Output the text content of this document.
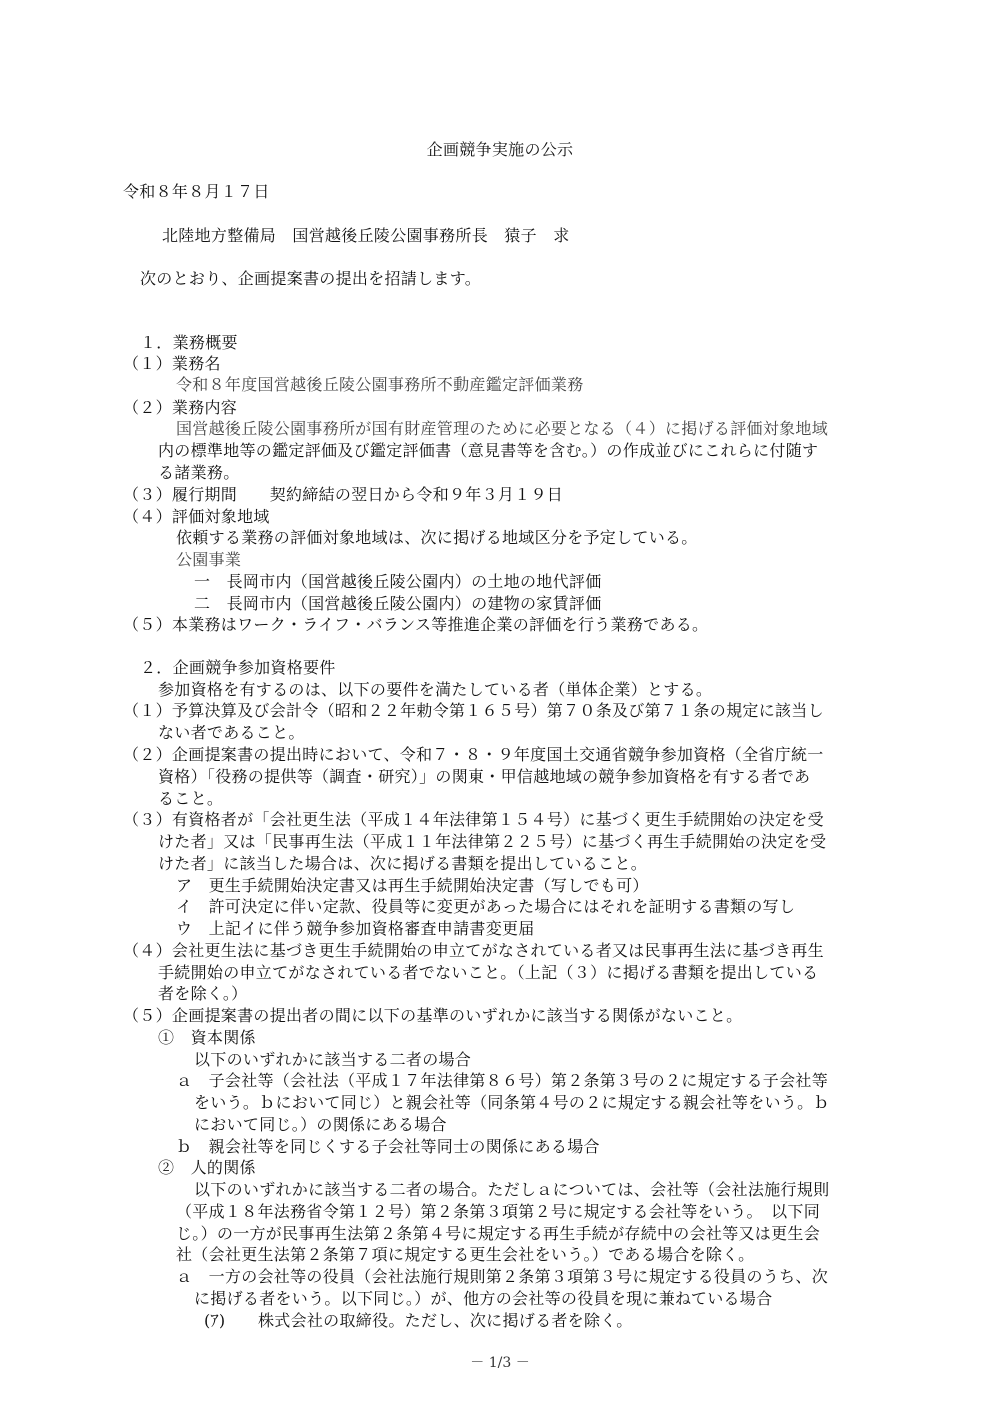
企画競争実施の公示
令和８年８月１７日
北陸地方整備局　国営越後丘陵公園事務所長　猿子　求
次のとおり、企画提案書の提出を招請します。
１．業務概要
（１）業務名
令和８年度国営越後丘陵公園事務所不動産鑑定評価業務
（２）業務内容
国営越後丘陵公園事務所が国有財産管理のために必要となる（４）に掲げる評価対象地域
内の標準地等の鑑定評価及び鑑定評価書（意見書等を含む。）の作成並びにこれらに付随す
る諸業務。
（３）履行期間　　契約締結の翌日から令和９年３月１９日
（４）評価対象地域
依頼する業務の評価対象地域は、次に掲げる地域区分を予定している。
公園事業
一　長岡市内（国営越後丘陵公園内）の土地の地代評価
二　長岡市内（国営越後丘陵公園内）の建物の家賃評価
（５）本業務はワーク・ライフ・バランス等推進企業の評価を行う業務である。
２．企画競争参加資格要件
参加資格を有するのは、以下の要件を満たしている者（単体企業）とする。
（１）予算決算及び会計令（昭和２２年勅令第１６５号）第７０条及び第７１条の規定に該当し
ない者であること。
（２）企画提案書の提出時において、令和７・８・９年度国土交通省競争参加資格（全省庁統一
資格）「役務の提供等（調査・研究）」の関東・甲信越地域の競争参加資格を有する者であ
ること。
（３）有資格者が「会社更生法（平成１４年法律第１５４号）に基づく更生手続開始の決定を受
けた者」又は「民事再生法（平成１１年法律第２２５号）に基づく再生手続開始の決定を受
けた者」に該当した場合は、次に掲げる書類を提出していること。
ア　更生手続開始決定書又は再生手続開始決定書（写しでも可）
イ　許可決定に伴い定款、役員等に変更があった場合にはそれを証明する書類の写し
ウ　上記イに伴う競争参加資格審査申請書変更届
（４）会社更生法に基づき更生手続開始の申立てがなされている者又は民事再生法に基づき再生
手続開始の申立てがなされている者でないこと。（上記（３）に掲げる書類を提出している
者を除く。）
（５）企画提案書の提出者の間に以下の基準のいずれかに該当する関係がないこと。
①　資本関係
以下のいずれかに該当する二者の場合
ａ　子会社等（会社法（平成１７年法律第８６号）第２条第３号の２に規定する子会社等
をいう。ｂにおいて同じ）と親会社等（同条第４号の２に規定する親会社等をいう。ｂ
において同じ。）の関係にある場合
ｂ　親会社等を同じくする子会社等同士の関係にある場合
②　人的関係
以下のいずれかに該当する二者の場合。ただしａについては、会社等（会社法施行規則
（平成１８年法務省令第１２号）第２条第３項第２号に規定する会社等をいう。　以下同
じ。）の一方が民事再生法第２条第４号に規定する再生手続が存続中の会社等又は更生会
社（会社更生法第２条第７項に規定する更生会社をいう。）である場合を除く。
ａ　一方の会社等の役員（会社法施行規則第２条第３項第３号に規定する役員のうち、次
に掲げる者をいう。以下同じ。）が、他方の会社等の役員を現に兼ねている場合
(ｱ)　　株式会社の取締役。ただし、次に掲げる者を除く。
－ 1/3 －
